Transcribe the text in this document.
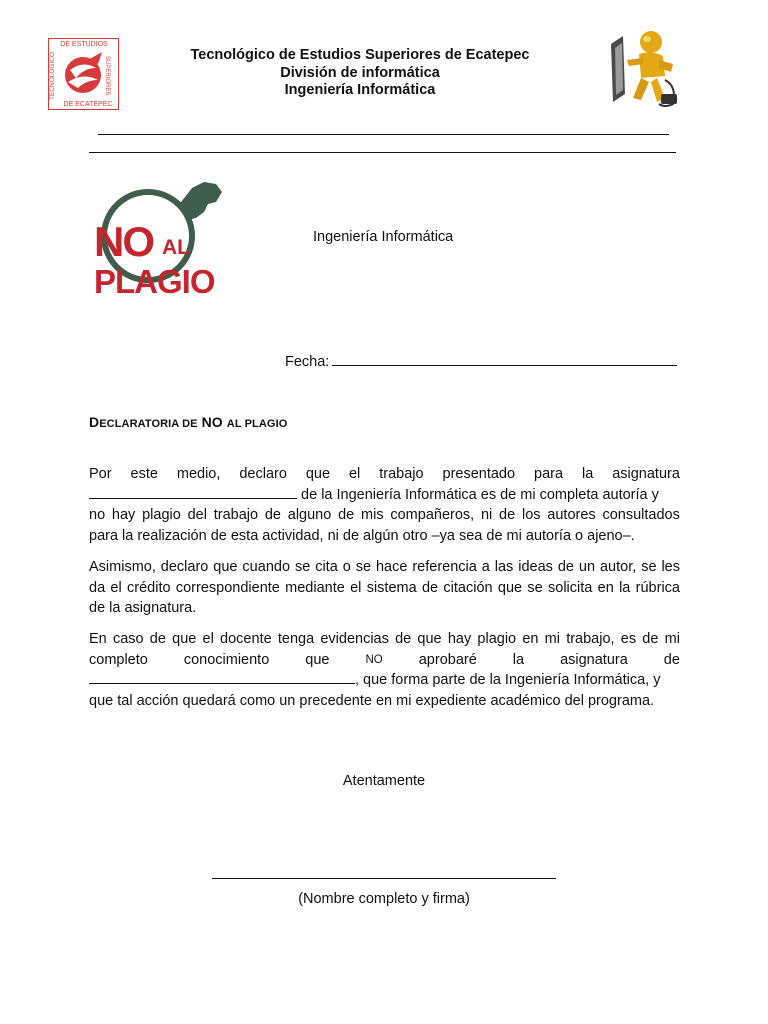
DE ESTUDIOS
DE ECATEPEC
TECNOLÓGICO	SUPERIORES
Tecnológico de Estudios Superiores de Ecatepec
División de informática
Ingeniería Informática
NO AL
PLAGIO
Ingeniería Informática
Fecha:
DECLARATORIA DE NO AL PLAGIO
Por este medio, declaro que el trabajo presentado para la asignatura
de la Ingeniería Informática es de mi completa autoría y
no hay plagio del trabajo de alguno de mis compañeros, ni de los autores consultados
para la realización de esta actividad, ni de algún otro –ya sea de mi autoría o ajeno–.

Asimismo, declaro que cuando se cita o se hace referencia a las ideas de un autor, se les da el crédito correspondiente mediante el sistema de citación que se solicita en la rúbrica de la asignatura.

En caso de que el docente tenga evidencias de que hay plagio en mi trabajo, es de mi
completo conocimiento que	NO aprobaré la asignatura de
, que forma parte de la Ingeniería Informática, y
que tal acción quedará como un precedente en mi expediente académico del programa.
Atentamente
(Nombre completo y firma)
